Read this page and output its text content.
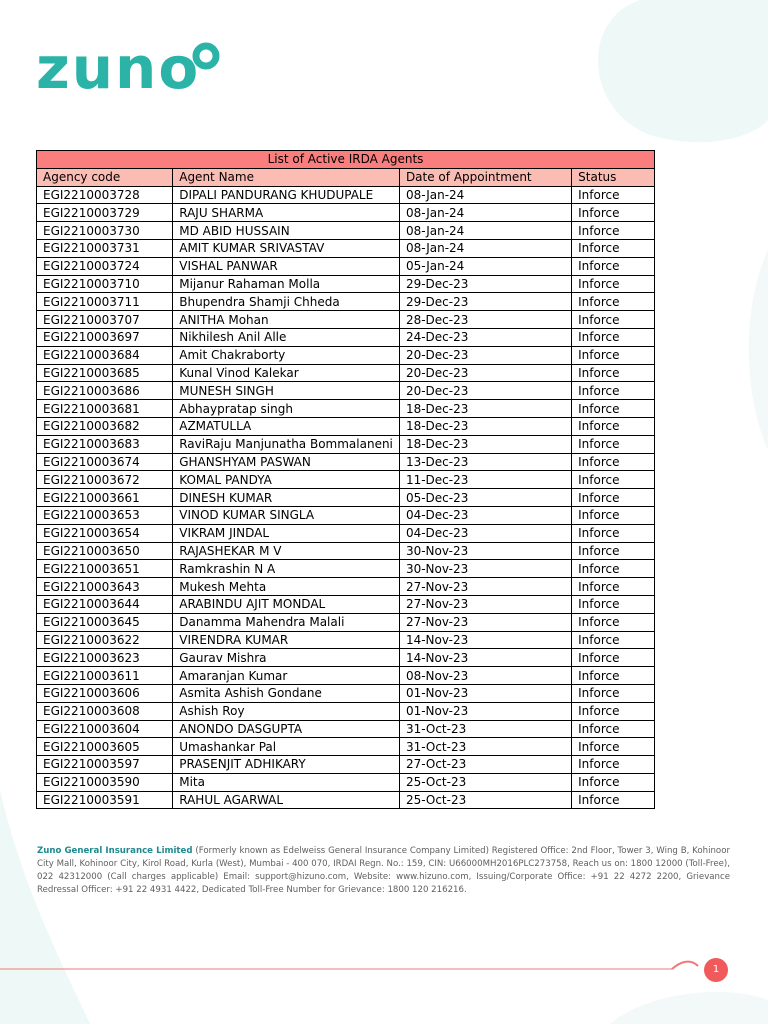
zuno
List of Active IRDA Agents			
Agency code	Agent Name	Date of Appointment	Status
EGI2210003728	DIPALI PANDURANG KHUDUPALE	08-Jan-24	Inforce
EGI2210003729	RAJU SHARMA	08-Jan-24	Inforce
EGI2210003730	MD ABID HUSSAIN	08-Jan-24	Inforce
EGI2210003731	AMIT KUMAR SRIVASTAV	08-Jan-24	Inforce
EGI2210003724	VISHAL PANWAR	05-Jan-24	Inforce
EGI2210003710	Mijanur Rahaman Molla	29-Dec-23	Inforce
EGI2210003711	Bhupendra Shamji Chheda	29-Dec-23	Inforce
EGI2210003707	ANITHA Mohan	28-Dec-23	Inforce
EGI2210003697	Nikhilesh Anil Alle	24-Dec-23	Inforce
EGI2210003684	Amit Chakraborty	20-Dec-23	Inforce
EGI2210003685	Kunal Vinod Kalekar	20-Dec-23	Inforce
EGI2210003686	MUNESH SINGH	20-Dec-23	Inforce
EGI2210003681	Abhaypratap singh	18-Dec-23	Inforce
EGI2210003682	AZMATULLA	18-Dec-23	Inforce
EGI2210003683	RaviRaju Manjunatha Bommalaneni	18-Dec-23	Inforce
EGI2210003674	GHANSHYAM PASWAN	13-Dec-23	Inforce
EGI2210003672	KOMAL PANDYA	11-Dec-23	Inforce
EGI2210003661	DINESH KUMAR	05-Dec-23	Inforce
EGI2210003653	VINOD KUMAR SINGLA	04-Dec-23	Inforce
EGI2210003654	VIKRAM JINDAL	04-Dec-23	Inforce
EGI2210003650	RAJASHEKAR M V	30-Nov-23	Inforce
EGI2210003651	Ramkrashin N A	30-Nov-23	Inforce
EGI2210003643	Mukesh Mehta	27-Nov-23	Inforce
EGI2210003644	ARABINDU AJIT MONDAL	27-Nov-23	Inforce
EGI2210003645	Danamma Mahendra Malali	27-Nov-23	Inforce
EGI2210003622	VIRENDRA KUMAR	14-Nov-23	Inforce
EGI2210003623	Gaurav Mishra	14-Nov-23	Inforce
EGI2210003611	Amaranjan Kumar	08-Nov-23	Inforce
EGI2210003606	Asmita Ashish Gondane	01-Nov-23	Inforce
EGI2210003608	Ashish Roy	01-Nov-23	Inforce
EGI2210003604	ANONDO DASGUPTA	31-Oct-23	Inforce
EGI2210003605	Umashankar Pal	31-Oct-23	Inforce
EGI2210003597	PRASENJIT ADHIKARY	27-Oct-23	Inforce
EGI2210003590	Mita	25-Oct-23	Inforce
EGI2210003591	RAHUL AGARWAL	25-Oct-23	Inforce
Zuno General Insurance Limited (Formerly known as Edelweiss General Insurance Company Limited) Registered Office: 2nd Floor, Tower 3, Wing B, Kohinoor City Mall, Kohinoor City, Kirol Road, Kurla (West), Mumbai - 400 070, IRDAI Regn. No.: 159, CIN: U66000MH2016PLC273758, Reach us on: 1800 12000 (Toll-Free), 022 42312000 (Call charges applicable) Email: support@hizuno.com, Website: www.hizuno.com, Issuing/Corporate Office: +91 22 4272 2200, Grievance Redressal Officer: +91 22 4931 4422, Dedicated Toll-Free Number for Grievance: 1800 120 216216.
1
